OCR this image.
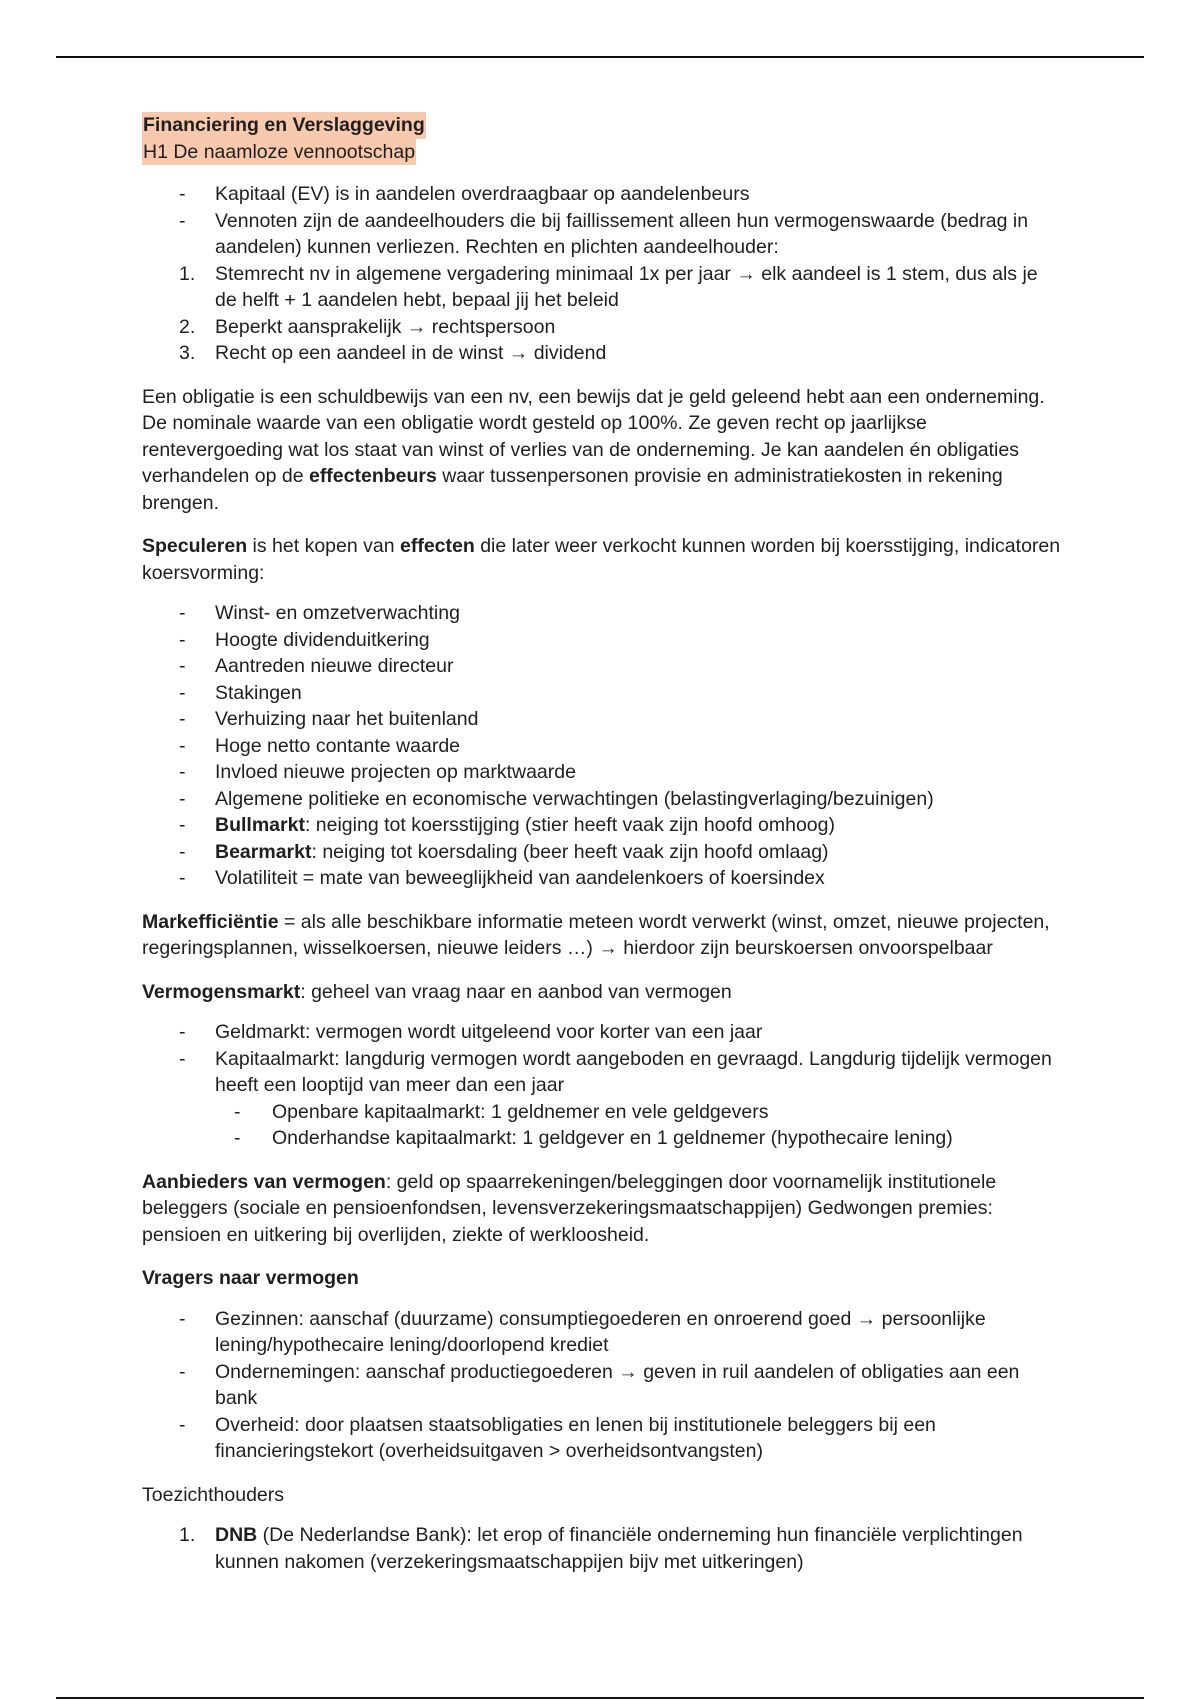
Financiering en Verslaggeving
H1 De naamloze vennootschap
- Kapitaal (EV) is in aandelen overdraagbaar op aandelenbeurs
- Vennoten zijn de aandeelhouders die bij faillissement alleen hun vermogenswaarde (bedrag in aandelen) kunnen verliezen. Rechten en plichten aandeelhouder:
1. Stemrecht nv in algemene vergadering minimaal 1x per jaar → elk aandeel is 1 stem, dus als je de helft + 1 aandelen hebt, bepaal jij het beleid
2. Beperkt aansprakelijk → rechtspersoon
3. Recht op een aandeel in de winst → dividend

Een obligatie is een schuldbewijs van een nv, een bewijs dat je geld geleend hebt aan een onderneming. De nominale waarde van een obligatie wordt gesteld op 100%. Ze geven recht op jaarlijkse rentevergoeding wat los staat van winst of verlies van de onderneming. Je kan aandelen én obligaties verhandelen op de effectenbeurs waar tussenpersonen provisie en administratiekosten in rekening brengen.

Speculeren is het kopen van effecten die later weer verkocht kunnen worden bij koersstijging, indicatoren koersvorming:

- Winst- en omzetverwachting
- Hoogte dividenduitkering
- Aantreden nieuwe directeur
- Stakingen
- Verhuizing naar het buitenland
- Hoge netto contante waarde
- Invloed nieuwe projecten op marktwaarde
- Algemene politieke en economische verwachtingen (belastingverlaging/bezuinigen)
- Bullmarkt: neiging tot koersstijging (stier heeft vaak zijn hoofd omhoog)
- Bearmarkt: neiging tot koersdaling (beer heeft vaak zijn hoofd omlaag)
- Volatiliteit = mate van beweeglijkheid van aandelenkoers of koersindex

Markefficiëntie = als alle beschikbare informatie meteen wordt verwerkt (winst, omzet, nieuwe projecten, regeringsplannen, wisselkoersen, nieuwe leiders …) → hierdoor zijn beurskoersen onvoorspelbaar

Vermogensmarkt: geheel van vraag naar en aanbod van vermogen

- Geldmarkt: vermogen wordt uitgeleend voor korter van een jaar
- Kapitaalmarkt: langdurig vermogen wordt aangeboden en gevraagd. Langdurig tijdelijk vermogen heeft een looptijd van meer dan een jaar
- Openbare kapitaalmarkt: 1 geldnemer en vele geldgevers
- Onderhandse kapitaalmarkt: 1 geldgever en 1 geldnemer (hypothecaire lening)

Aanbieders van vermogen: geld op spaarrekeningen/beleggingen door voornamelijk institutionele beleggers (sociale en pensioenfondsen, levensverzekeringsmaatschappijen) Gedwongen premies: pensioen en uitkering bij overlijden, ziekte of werkloosheid.

Vragers naar vermogen

- Gezinnen: aanschaf (duurzame) consumptiegoederen en onroerend goed → persoonlijke lening/hypothecaire lening/doorlopend krediet
- Ondernemingen: aanschaf productiegoederen → geven in ruil aandelen of obligaties aan een bank
- Overheid: door plaatsen staatsobligaties en lenen bij institutionele beleggers bij een financieringstekort (overheidsuitgaven > overheidsontvangsten)

Toezichthouders

1. DNB (De Nederlandse Bank): let erop of financiële onderneming hun financiële verplichtingen kunnen nakomen (verzekeringsmaatschappijen bijv met uitkeringen)
